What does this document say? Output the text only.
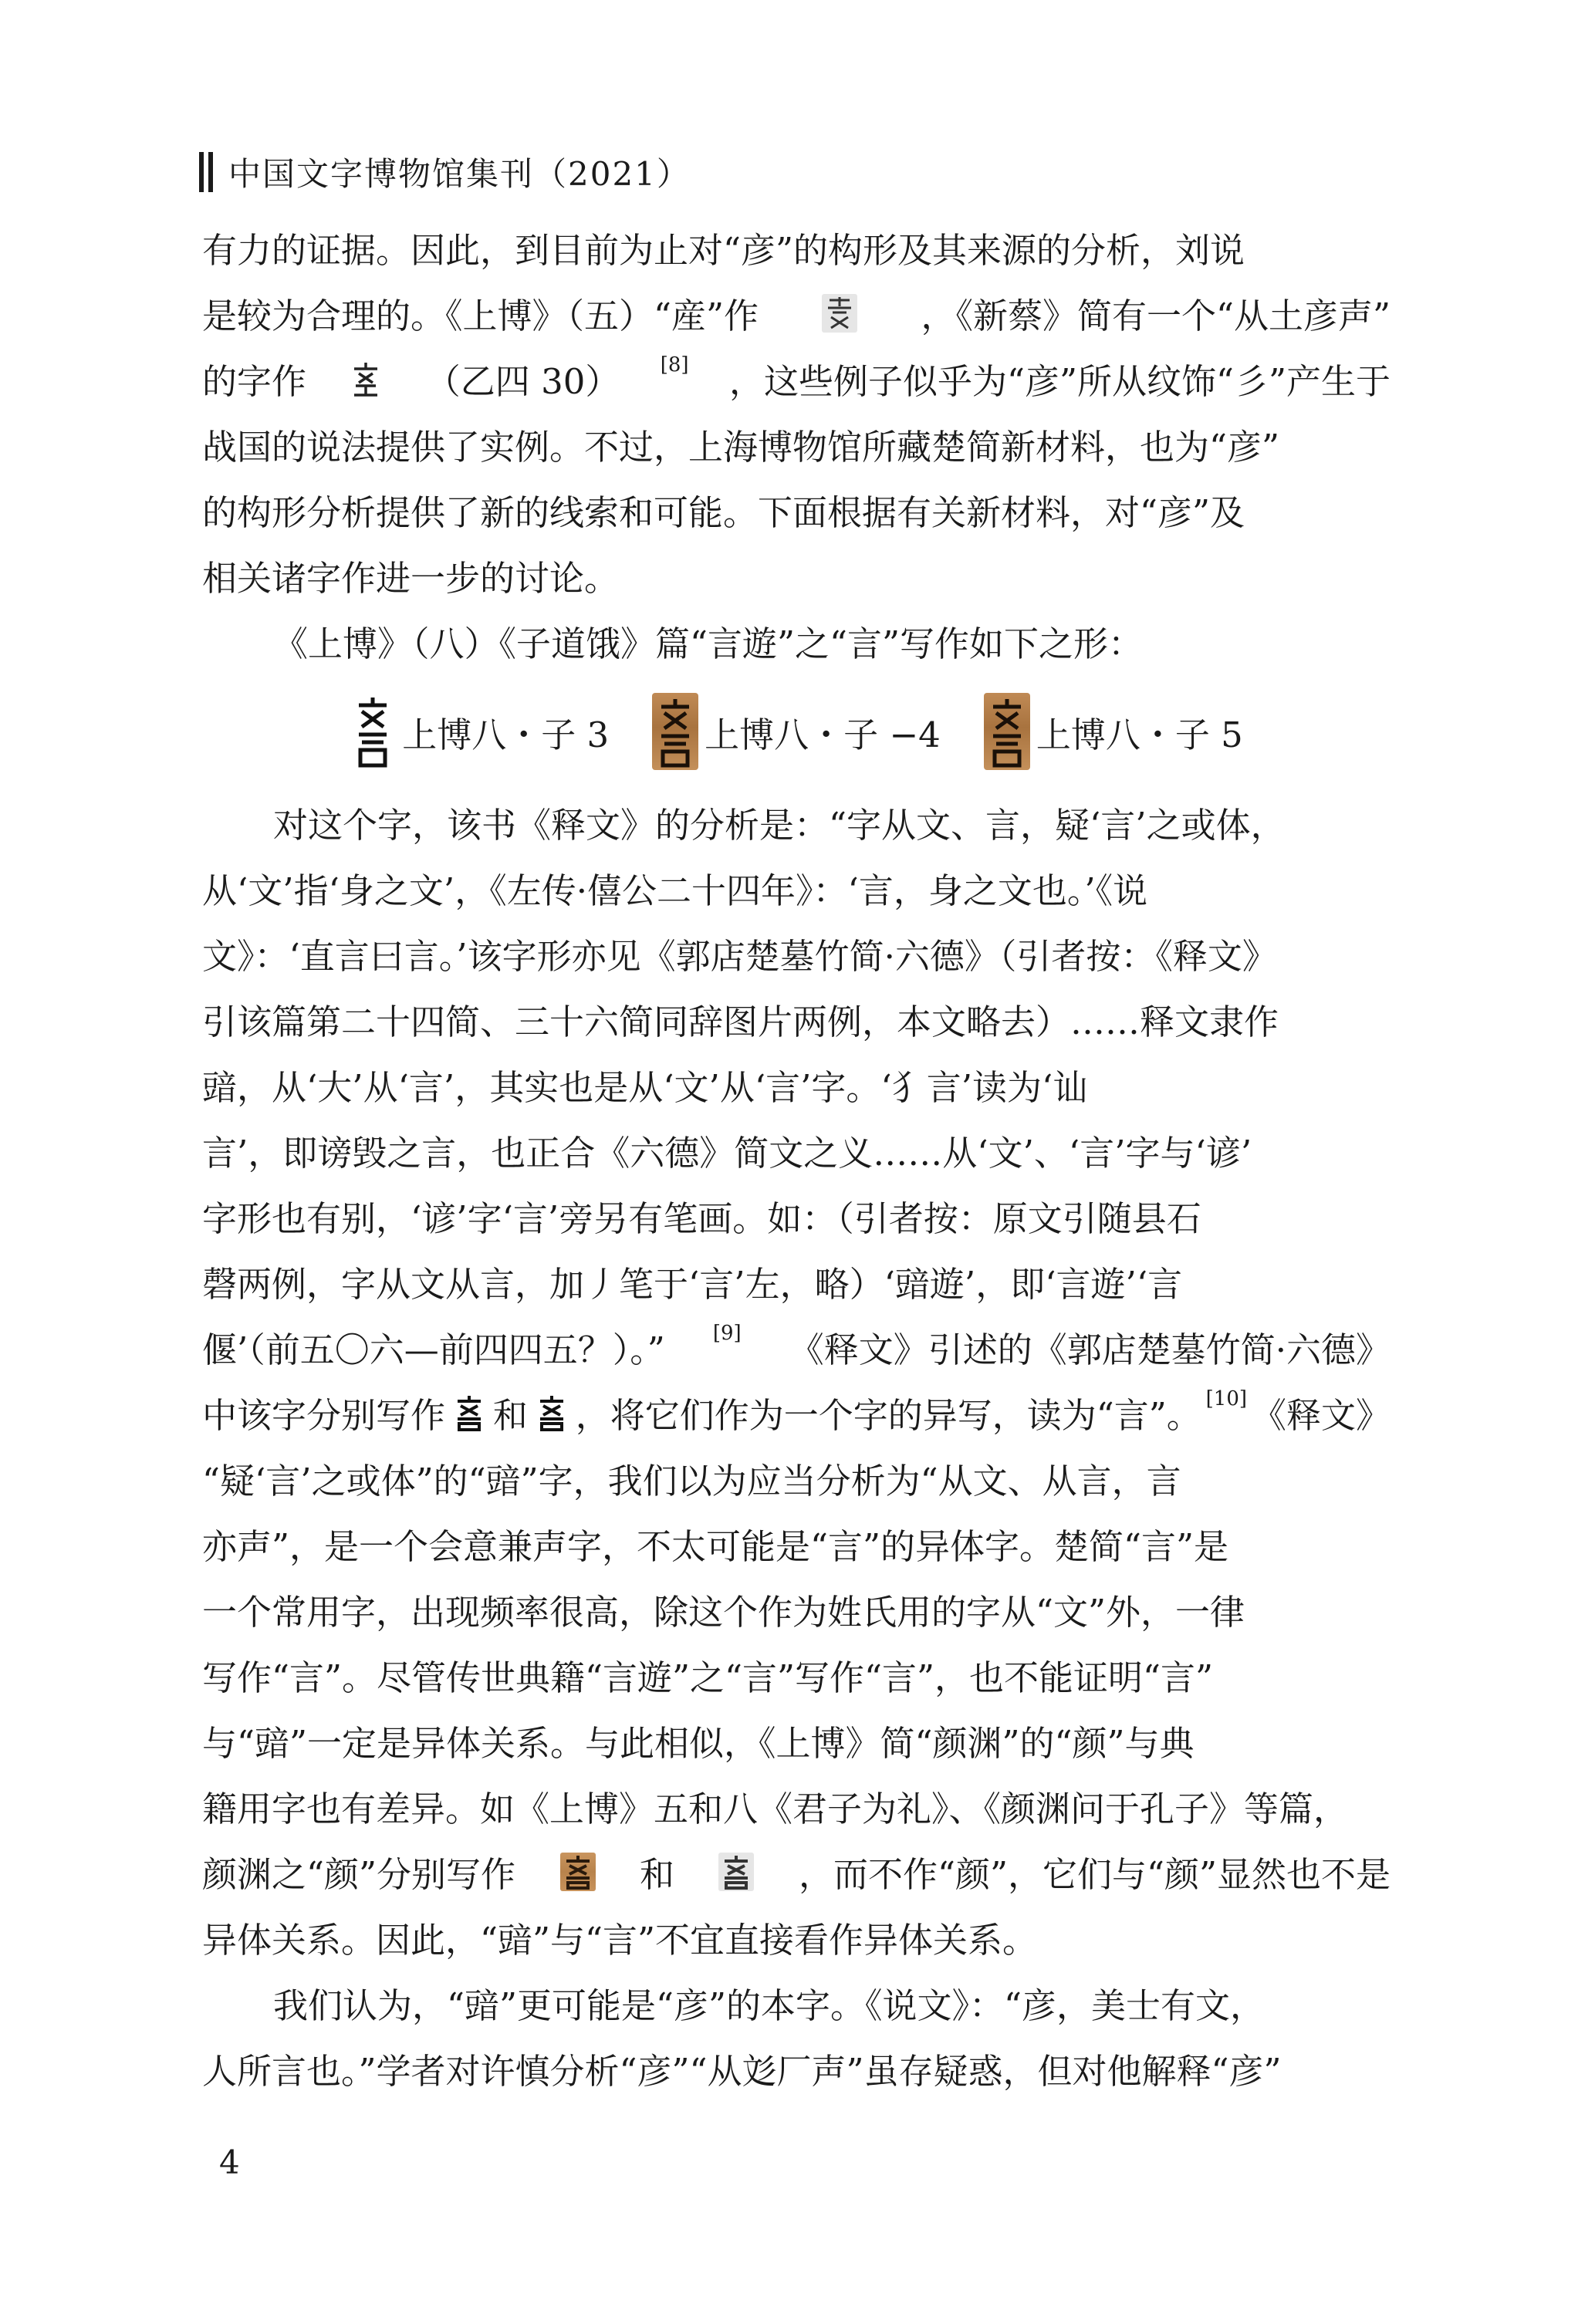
中国文字博物馆集刊（2021）
有力的证据。因此，到目前为止对“彦”的构形及其来源的分析，刘说
是较为合理的。《上博》（五）“産”作	，《新蔡》简有一个“从土彦声”
的字作	（乙四 30） [8] ，这些例子似乎为“彦”所从纹饰“彡”产生于
战国的说法提供了实例。不过，上海博物馆所藏楚简新材料，也为“彦”
的构形分析提供了新的线索和可能。下面根据有关新材料，对“彦”及
相关诸字作进一步的讨论。
《上博》（八）《子道饿》篇“言遊”之“言”写作如下之形：
上博八・子 3	上博八・子 −4	上博八・子 5
对这个字，该书《释文》的分析是：“字从文、言，疑‘言’之或体，
从‘文’指‘身之文’，《左传·僖公二十四年》：‘言，身之文也。’《说
文》：‘直言曰言。’该字形亦见《郭店楚墓竹简·六德》（引者按：《释文》
引该篇第二十四简、三十六简同辞图片两例，本文略去）……释文隶作
䜾，从‘大’从‘言’，其实也是从‘文’从‘言’字。‘犭言’读为‘讪
言’，即谤毁之言，也正合《六德》简文之义……从‘文’、‘言’字与‘谚’
字形也有别，‘谚’字‘言’旁另有笔画。如：（引者按：原文引随县石
磬两例，字从文从言，加丿笔于‘言’左，略）‘䜾遊’，即‘言遊’‘言
偃’（前五〇六—前四四五？）。” [9] 《释文》引述的《郭店楚墓竹简·六德》
中该字分别写作 和 ，将它们作为一个字的异写，读为“言”。 [10] 《释文》
“疑‘言’之或体”的“䜾”字，我们以为应当分析为“从文、从言，言
亦声”，是一个会意兼声字，不太可能是“言”的异体字。楚简“言”是
一个常用字，出现频率很高，除这个作为姓氏用的字从“文”外，一律
写作“言”。尽管传世典籍“言遊”之“言”写作“言”，也不能证明“言”
与“䜾”一定是异体关系。与此相似，《上博》简“颜渊”的“颜”与典
籍用字也有差异。如《上博》五和八《君子为礼》、《颜渊问于孔子》等篇，
颜渊之“颜”分别写作	和	，而不作“颜”，它们与“颜”显然也不是
异体关系。因此，“䜾”与“言”不宜直接看作异体关系。
我们认为，“䜾”更可能是“彦”的本字。《说文》：“彦，美士有文，
人所言也。”学者对许慎分析“彦”“从彣厂声”虽存疑惑，但对他解释“彦”
4
